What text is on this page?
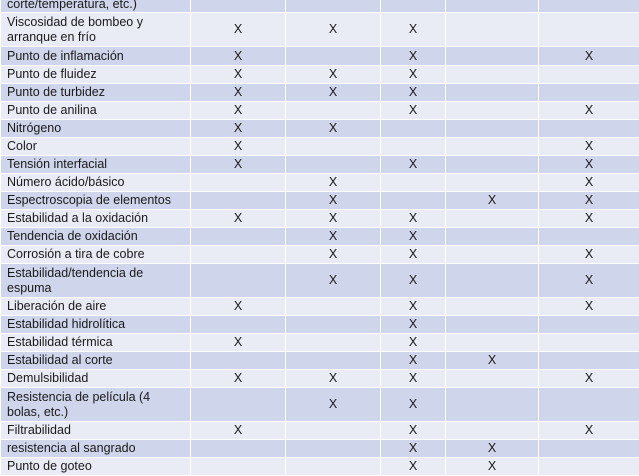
corte/temperatura, etc.)					
Viscosidad de bombeo y arranque en frío	X	X	X		
Punto de inflamación	X		X		X
Punto de fluidez	X	X	X		
Punto de turbidez	X	X	X		
Punto de anilina	X		X		X
Nitrógeno	X	X			
Color	X				X
Tensión interfacial	X		X		X
Número ácido/básico		X			X
Espectroscopia de elementos		X		X	X
Estabilidad a la oxidación	X	X	X		X
Tendencia de oxidación		X	X		
Corrosión a tira de cobre		X	X		X
Estabilidad/tendencia de espuma		X	X		X
Liberación de aire	X		X		X
Estabilidad hidrolítica			X		
Estabilidad térmica	X		X		
Estabilidad al corte			X	X	
Demulsibilidad	X	X	X		X
Resistencia de película (4 bolas, etc.)		X	X		
Filtrabilidad	X		X		X
resistencia al sangrado			X	X	
Punto de goteo			X	X	
